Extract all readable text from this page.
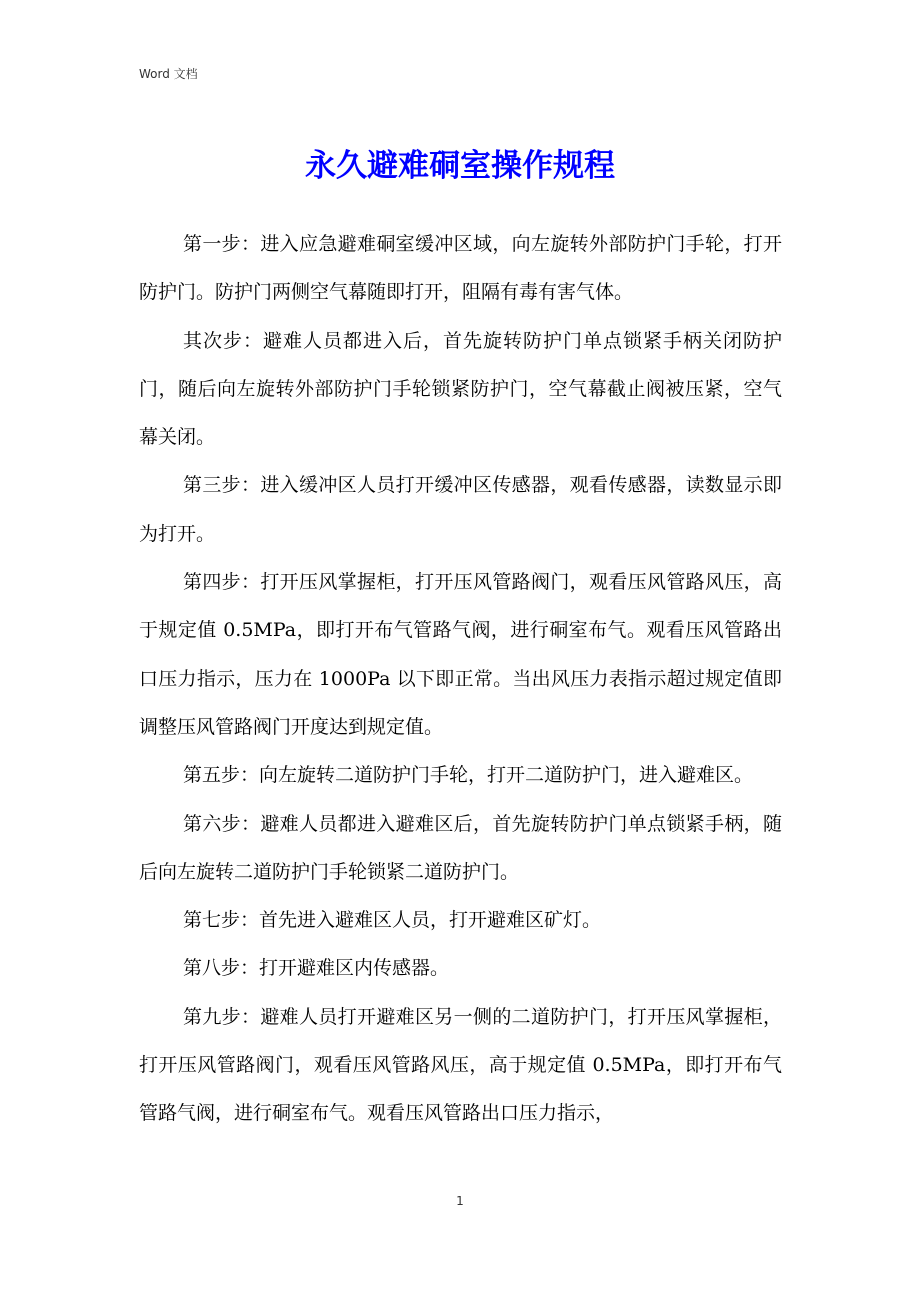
Word 文档
永久避难硐室操作规程

第一步：进入应急避难硐室缓冲区域，向左旋转外部防护门手轮，打开防护门。防护门两侧空气幕随即打开，阻隔有毒有害气体。

其次步：避难人员都进入后，首先旋转防护门单点锁紧手柄关闭防护门，随后向左旋转外部防护门手轮锁紧防护门，空气幕截止阀被压紧，空气幕关闭。

第三步：进入缓冲区人员打开缓冲区传感器，观看传感器，读数显示即为打开。

第四步：打开压风掌握柜，打开压风管路阀门，观看压风管路风压，高于规定值 0.5MPa，即打开布气管路气阀，进行硐室布气。观看压风管路出口压力指示，压力在 1000Pa 以下即正常。当出风压力表指示超过规定值即调整压风管路阀门开度达到规定值。

第五步：向左旋转二道防护门手轮，打开二道防护门，进入避难区。

第六步：避难人员都进入避难区后，首先旋转防护门单点锁紧手柄，随后向左旋转二道防护门手轮锁紧二道防护门。

第七步：首先进入避难区人员，打开避难区矿灯。

第八步：打开避难区内传感器。

第九步：避难人员打开避难区另一侧的二道防护门，打开压风掌握柜，打开压风管路阀门，观看压风管路风压，高于规定值 0.5MPa，即打开布气管路气阀，进行硐室布气。观看压风管路出口压力指示，

1
